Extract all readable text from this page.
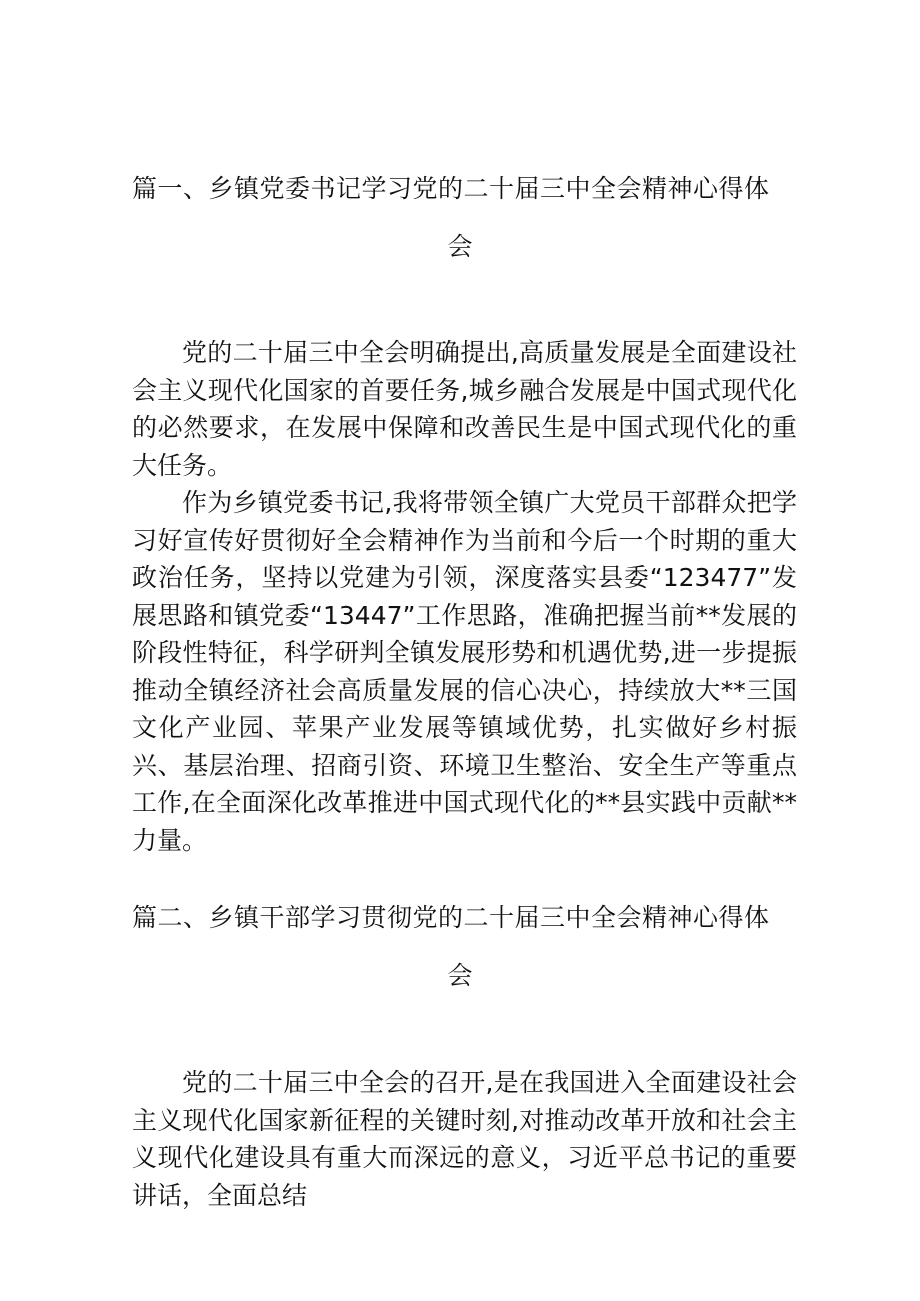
篇一、乡镇党委书记学习党的二十届三中全会精神心得体
会

党的二十届三中全会明确提出,高质量发展是全面建设社会主义现代化国家的首要任务,城乡融合发展是中国式现代化的必然要求，在发展中保障和改善民生是中国式现代化的重大任务。

作为乡镇党委书记,我将带领全镇广大党员干部群众把学习好宣传好贯彻好全会精神作为当前和今后一个时期的重大政治任务，坚持以党建为引领，深度落实县委“123477”发展思路和镇党委“13447”工作思路，准确把握当前**发展的阶段性特征，科学研判全镇发展形势和机遇优势,进一步提振推动全镇经济社会高质量发展的信心决心，持续放大**三国文化产业园、苹果产业发展等镇域优势，扎实做好乡村振兴、基层治理、招商引资、环境卫生整治、安全生产等重点工作,在全面深化改革推进中国式现代化的**县实践中贡献**力量。

篇二、乡镇干部学习贯彻党的二十届三中全会精神心得体
会

党的二十届三中全会的召开,是在我国进入全面建设社会主义现代化国家新征程的关键时刻,对推动改革开放和社会主义现代化建设具有重大而深远的意义，习近平总书记的重要讲话，全面总结
